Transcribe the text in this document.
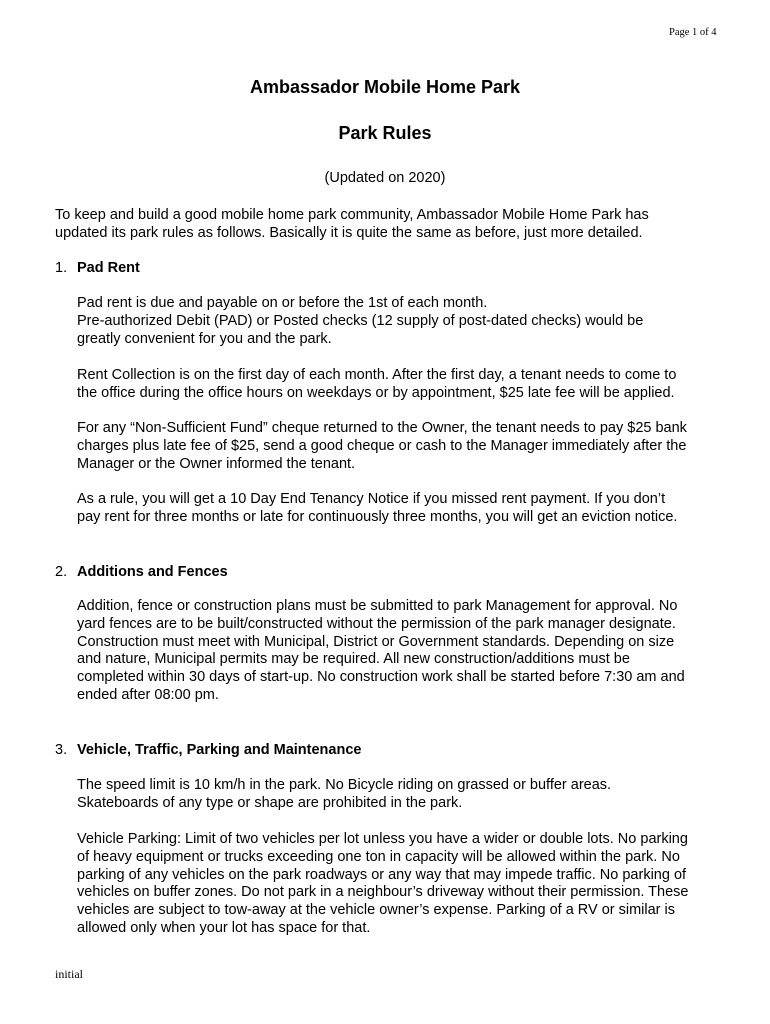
Page 1 of 4
Ambassador Mobile Home Park
Park Rules
(Updated on 2020)

To keep and build a good mobile home park community, Ambassador Mobile Home Park has
updated its park rules as follows. Basically it is quite the same as before, just more detailed.

1. Pad Rent

Pad rent is due and payable on or before the 1st of each month.
Pre-authorized Debit (PAD) or Posted checks (12 supply of post-dated checks) would be
greatly convenient for you and the park.

Rent Collection is on the first day of each month. After the first day, a tenant needs to come to
the office during the office hours on weekdays or by appointment, $25 late fee will be applied.

For any “Non-Sufficient Fund” cheque returned to the Owner, the tenant needs to pay $25 bank
charges plus late fee of $25, send a good cheque or cash to the Manager immediately after the
Manager or the Owner informed the tenant.

As a rule, you will get a 10 Day End Tenancy Notice if you missed rent payment. If you don’t
pay rent for three months or late for continuously three months, you will get an eviction notice.

2. Additions and Fences

Addition, fence or construction plans must be submitted to park Management for approval. No
yard fences are to be built/constructed without the permission of the park manager designate.
Construction must meet with Municipal, District or Government standards. Depending on size
and nature, Municipal permits may be required. All new construction/additions must be
completed within 30 days of start-up. No construction work shall be started before 7:30 am and
ended after 08:00 pm.

3. Vehicle, Traffic, Parking and Maintenance

The speed limit is 10 km/h in the park. No Bicycle riding on grassed or buffer areas.
Skateboards of any type or shape are prohibited in the park.

Vehicle Parking: Limit of two vehicles per lot unless you have a wider or double lots. No parking
of heavy equipment or trucks exceeding one ton in capacity will be allowed within the park. No
parking of any vehicles on the park roadways or any way that may impede traffic. No parking of
vehicles on buffer zones. Do not park in a neighbour’s driveway without their permission. These
vehicles are subject to tow-away at the vehicle owner’s expense. Parking of a RV or similar is
allowed only when your lot has space for that.

initial
